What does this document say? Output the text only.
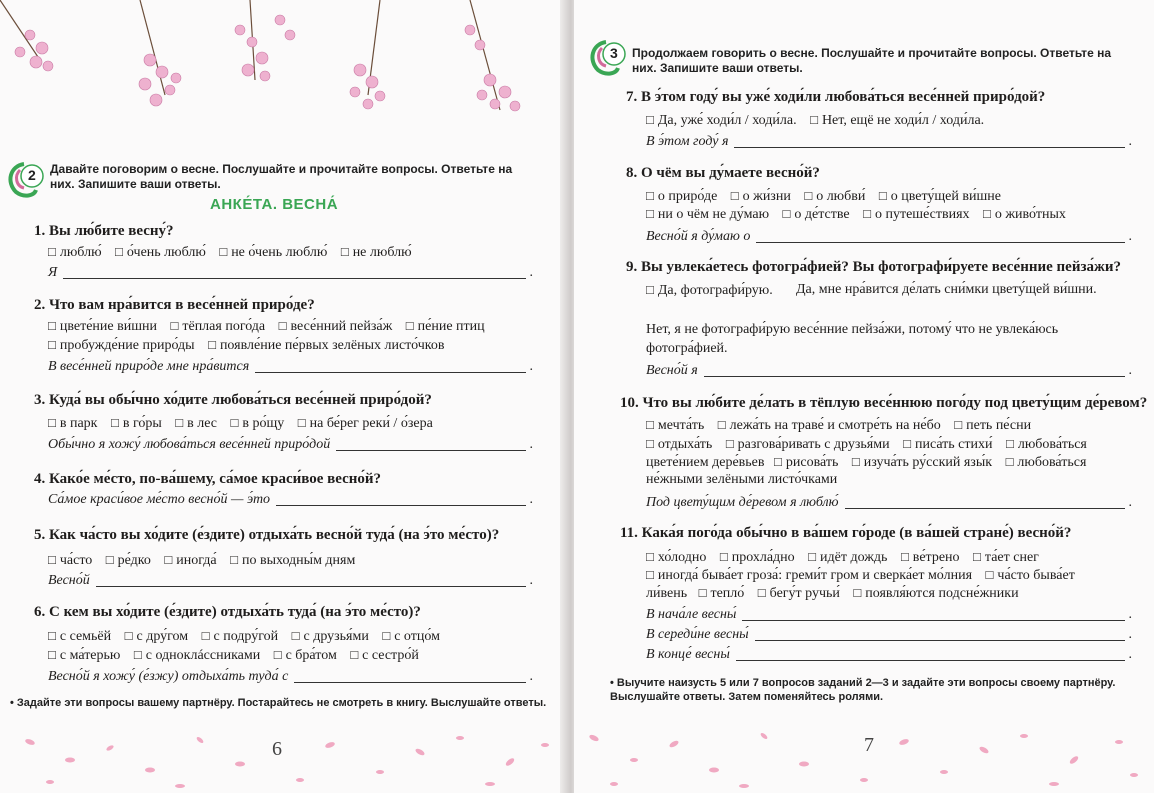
2 Давайте поговорим о весне. Послушайте и прочитайте вопросы. Ответьте на них. Запишите ваши ответы.
АНКЕ́ТА. ВЕСНА́
1. Вы лю́бите весну́?
□ люблю́ □ о́чень люблю́ □ не о́чень люблю́ □ не люблю́
Я	.
2. Что вам нра́вится в весе́нней приро́де?
□ цвете́ние ви́шни □ тёплая пого́да □ весе́нний пейза́ж □ пе́ние птиц
□ пробужде́ние приро́ды □ появле́ние пе́рвых зелёных листо́чков
В весе́нней приро́де мне нра́вится	.
3. Куда́ вы обы́чно хо́дите любова́ться весе́нней приро́дой?
□ в парк □ в го́ры □ в лес □ в ро́щу □ на бе́рег реки́ / о́зера
Обы́чно я хожу́ любова́ться весе́нней приро́дой	.
4. Како́е ме́сто, по-ва́шему, са́мое краси́вое весно́й?
Са́мое краси́вое ме́сто весно́й — э́то	.
5. Как ча́сто вы хо́дите (е́здите) отдыха́ть весно́й туда́ (на э́то ме́сто)?
□ ча́сто □ ре́дко □ иногда́ □ по выходны́м дням
Весно́й	.
6. С кем вы хо́дите (е́здите) отдыха́ть туда́ (на э́то ме́сто)?
□ с семьёй □ с дру́гом □ с подру́гой □ с друзья́ми □ с отцо́м
□ с ма́терью □ с одноклáссниками □ с бра́том □ с сестро́й
Весно́й я хожу́ (е́зжу) отдыха́ть туда́ с	.
• Задайте эти вопросы вашему партнёру. Постарайтесь не смотреть в книгу. Выслушайте ответы.
6
3 Продолжаем говорить о весне. Послушайте и прочитайте вопросы. Ответьте на них. Запишите ваши ответы.
7. В э́том году́ вы уже́ ходи́ли любова́ться весе́нней приро́дой?
□ Да, уже́ ходи́л / ходи́ла. □ Нет, ещё не ходи́л / ходи́ла.
В э́том году́ я	.
8. О чём вы ду́маете весно́й?
□ о приро́де □ о жи́зни □ о любви́ □ о цвету́щей ви́шне
□ ни о чём не ду́маю □ о де́тстве □ о путеше́ствиях □ о живо́тных
Весно́й я ду́маю о	.
9. Вы увлека́етесь фотогра́фией? Вы фотографи́руете весе́нние пейза́жи?
□ Да, фотографи́рую.	Да, мне нра́вится де́лать сни́мки цвету́щей ви́шни.
Нет, я не фотографи́рую весе́нние пейза́жи, потому́ что не увлека́юсь фотогра́фией.
Весно́й я	.
10. Что вы лю́бите де́лать в тёплую весе́ннюю пого́ду под цвету́щим де́ревом?
□ мечта́ть □ лежа́ть на траве́ и смотре́ть на не́бо □ петь пе́сни
□ отдыха́ть □ разгова́ривать с друзья́ми □ писа́ть стихи́ □ любова́ться
цвете́нием дере́вьев □ рисова́ть □ изуча́ть ру́сский язы́к □ любова́ться
не́жными зелёными листо́чками
Под цвету́щим де́ревом я люблю́	.
11. Кака́я пого́да обы́чно в ва́шем го́роде (в ва́шей стране́) весно́й?
□ хо́лодно □ прохла́дно □ идёт дождь □ ве́трено □ та́ет снег
□ иногда́ быва́ет гроза́: греми́т гром и сверка́ет мо́лния □ ча́сто быва́ет
ли́вень □ тепло́ □ бегу́т ручьи́ □ появля́ются подсне́жники
В нача́ле весны́	.
В середи́не весны́	.
В конце́ весны́	.
• Выучите наизусть 5 или 7 вопросов заданий 2—3 и задайте эти вопросы своему партнёру. Выслушайте ответы. Затем поменяйтесь ролями.
7
